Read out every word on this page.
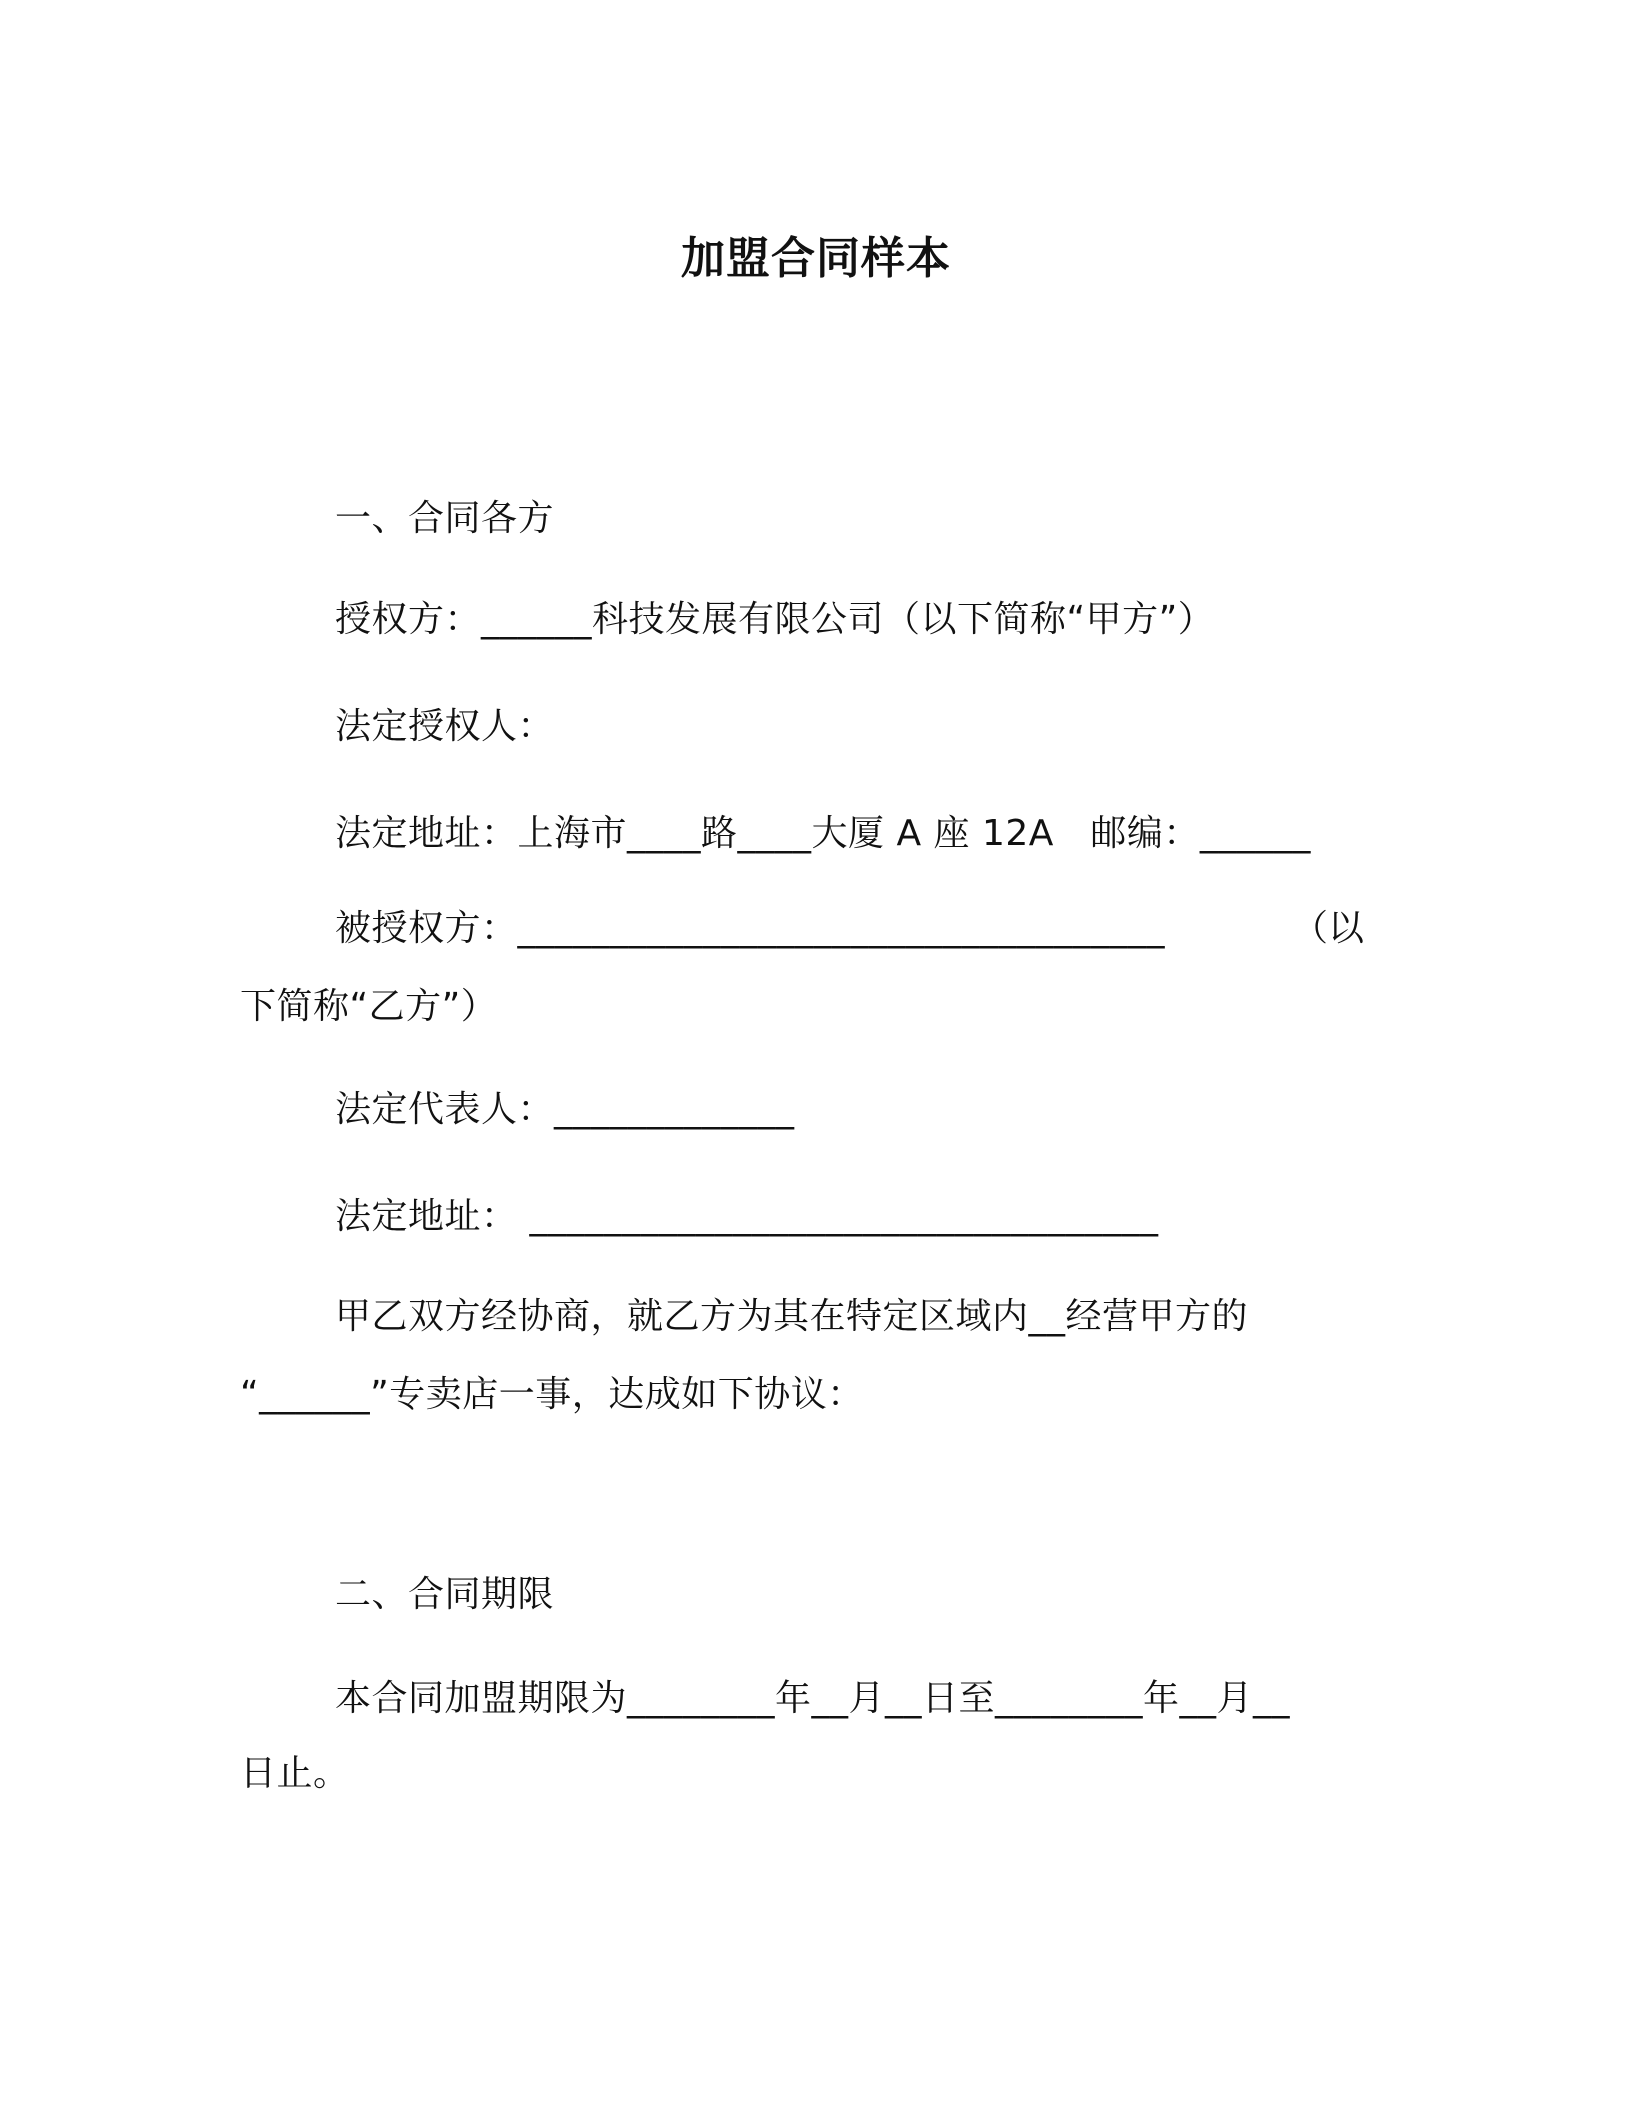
加盟合同样本
一、合同各方
授权方：______科技发展有限公司（以下简称“甲方”）
法定授权人：
法定地址：上海市____路____大厦 A 座 12A　邮编：______
被授权方：___________________________________	（以
下简称“乙方”）
法定代表人：_____________
法定地址： __________________________________
甲乙双方经协商，就乙方为其在特定区域内__经营甲方的
“______”专卖店一事，达成如下协议：
二、合同期限
本合同加盟期限为________年__月__日至________年__月__
日止。
